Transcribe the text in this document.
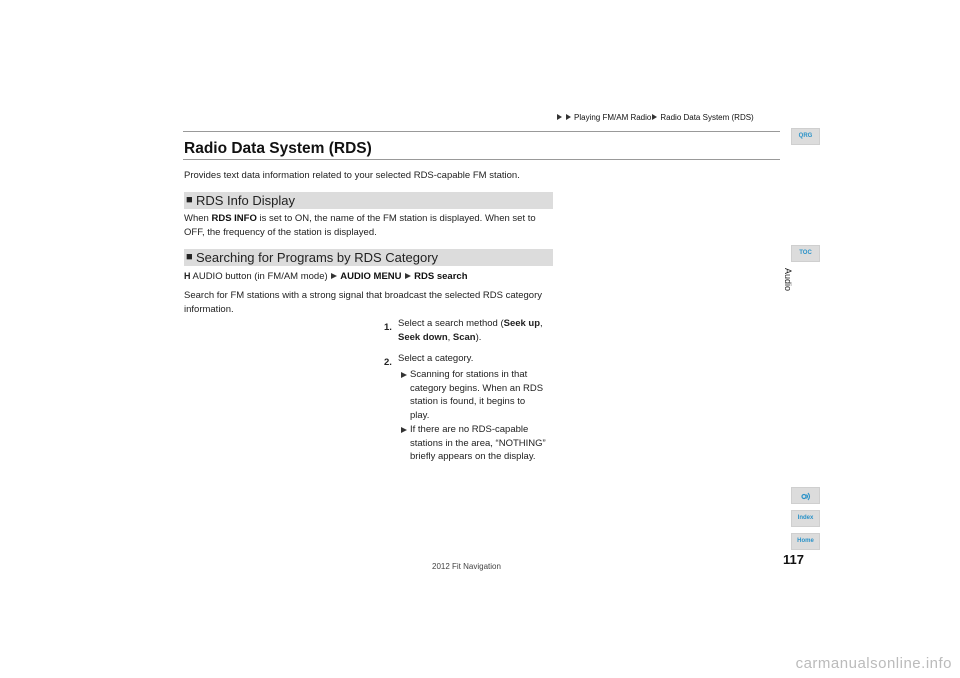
Playing FM/AM Radio Radio Data System (RDS)
Radio Data System (RDS)

Provides text data information related to your selected RDS-capable FM station.

■ RDS Info Display

When RDS INFO is set to ON, the name of the FM station is displayed. When set to
OFF, the frequency of the station is displayed.

■ Searching for Programs by RDS Category
H AUDIO button (in FM/AM mode) AUDIO MENU RDS search

Search for FM stations with a strong signal that broadcast the selected RDS category
information.

1. Select a search method (Seek up,
Seek down, Scan).

2. Select a category.

Scanning for stations in that
category begins. When an RDS
station is found, it begins to
play.

If there are no RDS-capable
stations in the area, “NOTHING”
briefly appears on the display.

QRG
TOC
Audio
Index
Home
117
2012 Fit Navigation
carmanualsonline.info
